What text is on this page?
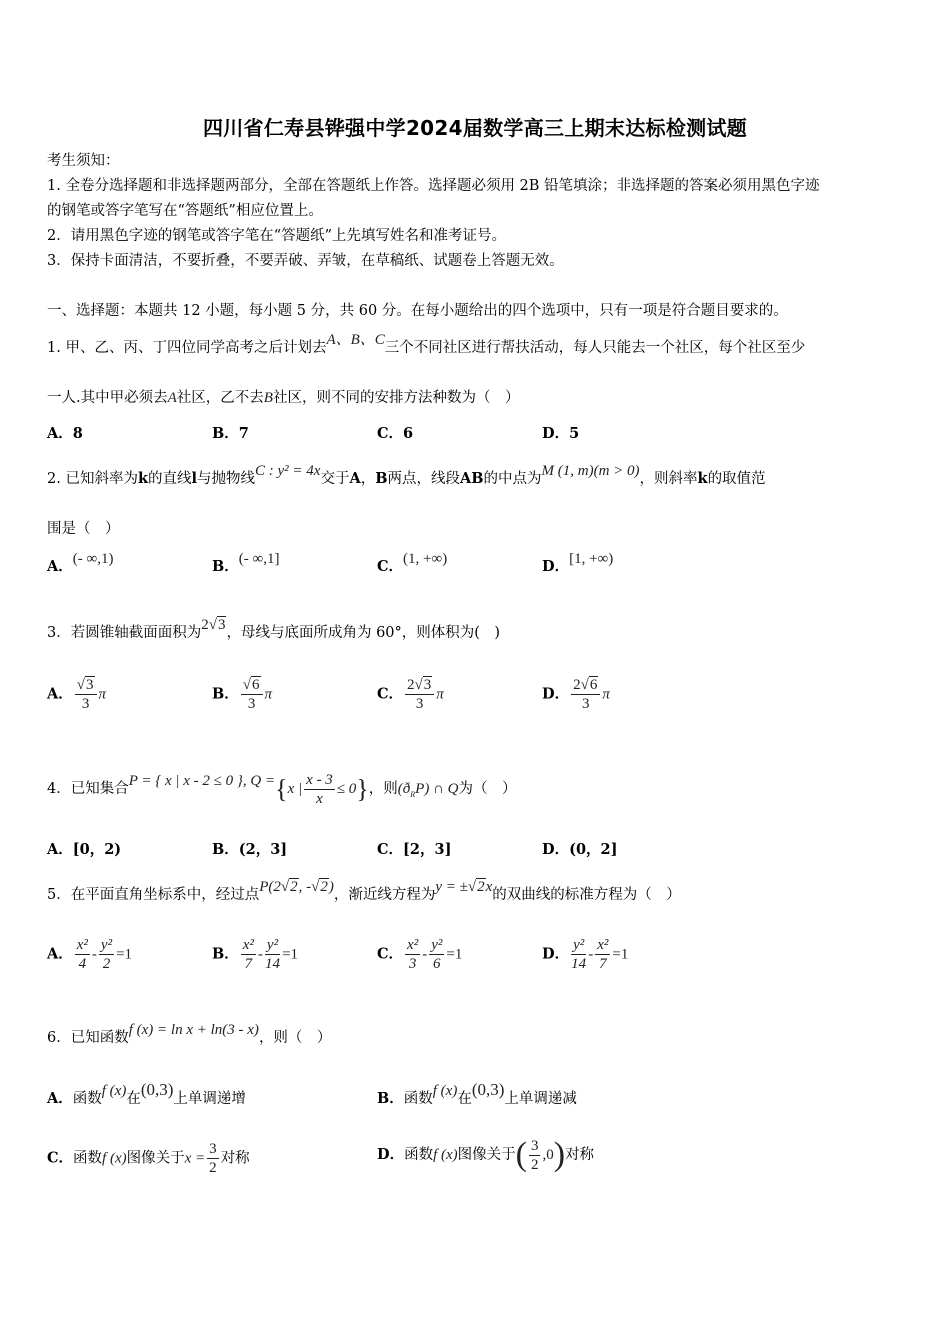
四川省仁寿县铧强中学2024届数学高三上期末达标检测试题
考生须知：
1. 全卷分选择题和非选择题两部分，全部在答题纸上作答。选择题必须用 2B 铅笔填涂；非选择题的答案必须用黑色字迹
的钢笔或答字笔写在“答题纸”相应位置上。
2．请用黑色字迹的钢笔或答字笔在“答题纸”上先填写姓名和准考证号。
3．保持卡面清洁，不要折叠，不要弄破、弄皱，在草稿纸、试题卷上答题无效。
一、选择题：本题共 12 小题，每小题 5 分，共 60 分。在每小题给出的四个选项中，只有一项是符合题目要求的。
1. 甲、乙、丙、丁四位同学高考之后计划去A、B、C三个不同社区进行帮扶活动，每人只能去一个社区，每个社区至少
一人.其中甲必须去A社区，乙不去B社区，则不同的安排方法种数为（　）
A．8	B．7	C．6	D．5
2. 已知斜率为k的直线l与抛物线C : y² = 4x交于A，B两点，线段AB的中点为M (1, m)(m > 0)，则斜率k的取值范
围是（　）
A．(- ∞,1)	B．(- ∞,1]	C．(1, +∞)	D．[1, +∞)
3．若圆锥轴截面面积为2√3，母线与底面所成角为 60°，则体积为(　)
A． $\frac{√3}{3}$ π	B． $\frac{√6}{3}$ π	C． $\frac{2√3}{3}$ π	D． $\frac{2√6}{3}$ π
4．已知集合P = { x | x - 2 ≤ 0 }, Q ={x | $\frac{x - 3}{x} \le 0$}，则$(ð_RP)$ ∩ Q为（　）
A．[0，2)	B．(2，3]	C．[2，3]	D．(0，2]
5．在平面直角坐标系中，经过点P(2√2, -√2)，渐近线方程为y = ±√2x的双曲线的标准方程为（　）
A． $\frac{\text{x²}}{4} - \frac{\text{y²}}{2} =1$	B． $\frac{\text{x²}}{7} - \frac{\text{y²}}{14} =1$	C． $\frac{\text{x²}}{3} - \frac{\text{y²}}{6} =1$	D． $\frac{\text{y²}}{14} - \frac{\text{x²}}{7} =1$
6．已知函数f (x) = ln x + ln(3 - x)，则（　）
A．函数f (x)在(0,3)上单调递增	B．函数f (x)在(0,3)上单调递减
C．函数f (x)图像关于$x = \frac{3}{2}$ 对称	D．函数f (x)图像关于( $\frac{3}{2} ,0$)对称
